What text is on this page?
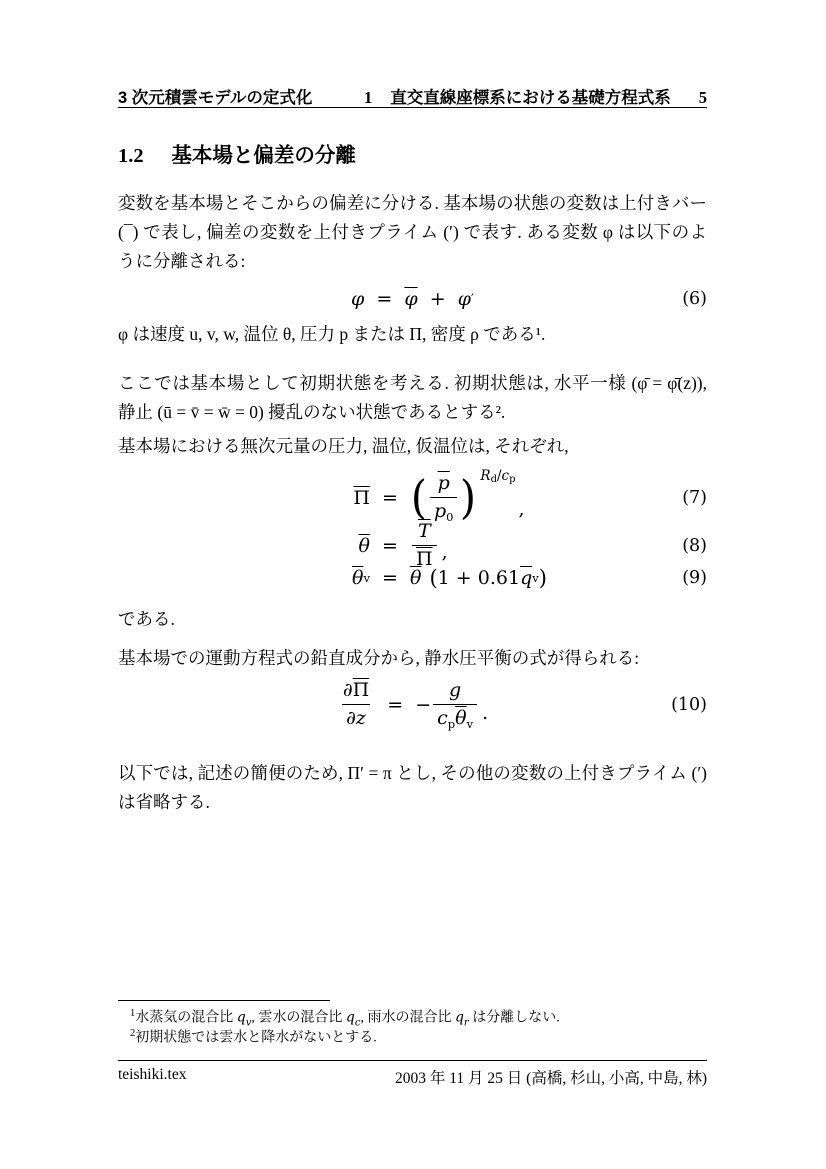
3 次元積雲モデルの定式化	1 直交直線座標系における基礎方程式系 5
1.2 基本場と偏差の分離

変数を基本場とそこからの偏差に分ける. 基本場の状態の変数は上付きバー (¯) で表し, 偏差の変数を上付きプライム (′) で表す. ある変数 φ は以下のように分離される:

$\varphi = \overline{\varphi} + \varphi$ ′	(6)

φ は速度 u, v, w, 温位 θ, 圧力 p または Π, 密度 ρ である¹.

ここでは基本場として初期状態を考える. 初期状態は, 水平一様 (φ̄ = φ̄(z)), 静止 (ū = v̄ = w̄ = 0) 擾乱のない状態であるとする².

基本場における無次元量の圧力, 温位, 仮温位は, それぞれ,

$\overline{\Pi}$ = ( $\frac{\overline{p}}{p_0}$ ) $R_d/c_p$
,	(7)
$\overline{\theta} = \frac{\overline{T}}{\Pi}$ ,	(8)
$\overline{\theta}$ $v = \overline{\theta}$ ( 1 + 0.61 $\overline{q}$ v )	(9)

である.

基本場での運動方程式の鉛直成分から, 静水圧平衡の式が得られる:

$\frac{\partial\overline{\Pi}}{\partial z}$ = − $\frac{g}{c_p\overline{\theta}_v}$ .	(10)

以下では, 記述の簡便のため, Π′ = π とし, その他の変数の上付きプライム (′) は省略する.

$^1$水蒸気の混合比 $q_v$, 雲水の混合比 $q_c$, 雨水の混合比 $q_r$ は分離しない.
$^2$初期状態では雲水と降水がないとする.
teishiki.tex	2003 年 11 月 25 日 (高橋, 杉山, 小高, 中島, 林)
